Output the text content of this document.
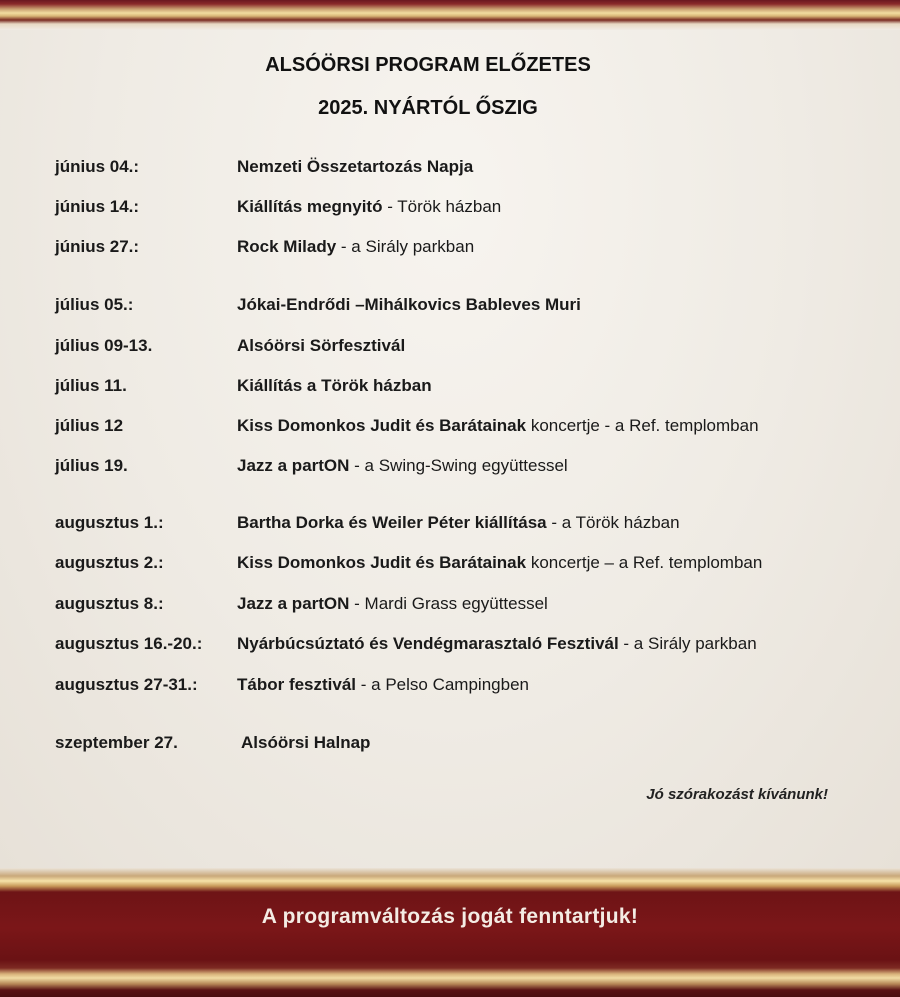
ALSÓÖRSI PROGRAM ELŐZETES
2025. NYÁRTÓL ŐSZIG
június 04.:	Nemzeti Összetartozás Napja
június 14.:	Kiállítás megnyitó - Török házban
június 27.:	Rock Milady - a Sirály parkban
július 05.:	Jókai-Endrődi –Mihálkovics Bableves Muri
július 09-13.	Alsóörsi Sörfesztivál
július 11.	Kiállítás a Török házban
július 12	Kiss Domonkos Judit és Barátainak koncertje - a Ref. templomban
július 19.	Jazz a partON - a Swing-Swing együttessel
augusztus 1.:	Bartha Dorka és Weiler Péter kiállítása - a Török házban
augusztus 2.:	Kiss Domonkos Judit és Barátainak koncertje – a Ref. templomban
augusztus 8.:	Jazz a partON - Mardi Grass együttessel
augusztus 16.-20.: Nyárbúcsúztató és Vendégmarasztaló Fesztivál - a Sirály parkban
augusztus 27-31.: Tábor fesztivál - a Pelso Campingben
szeptember 27.	Alsóörsi Halnap
Jó szórakozást kívánunk!
A programváltozás jogát fenntartjuk!
